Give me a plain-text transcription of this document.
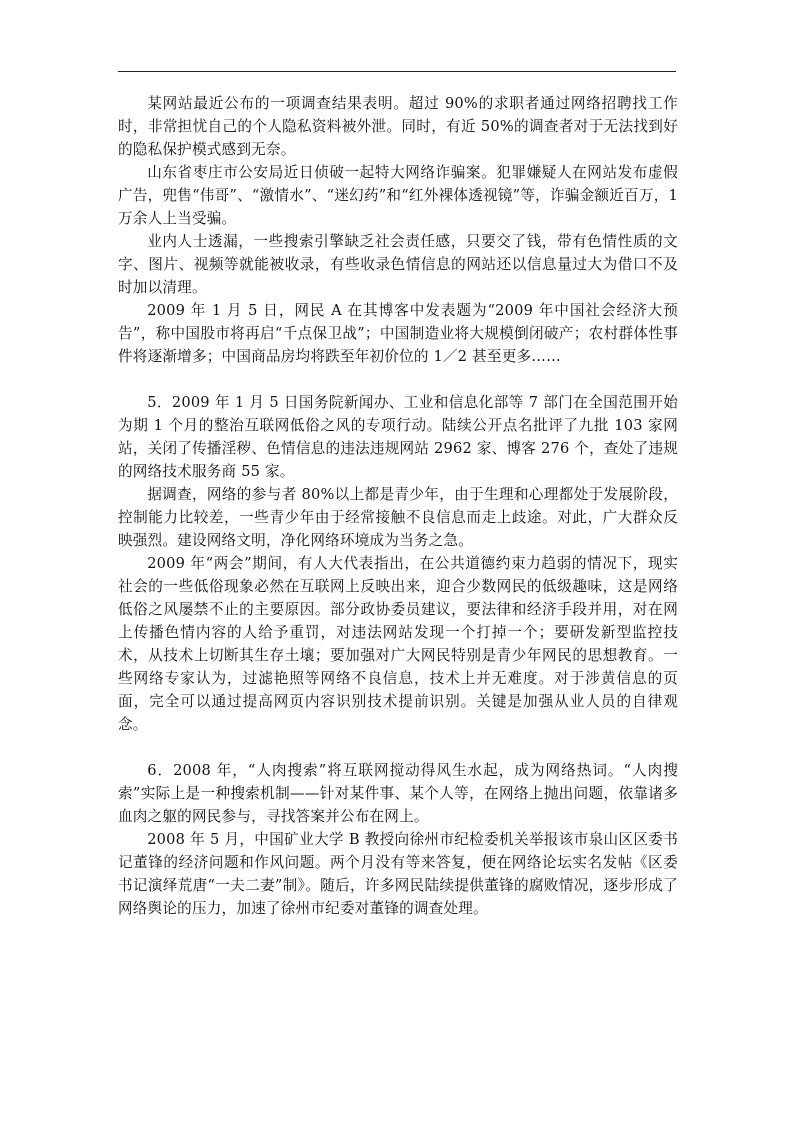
某网站最近公布的一项调查结果表明。超过 90%的求职者通过网络招聘找工作时，非常担忧自己的个人隐私资料被外泄。同时，有近 50%的调查者对于无法找到好的隐私保护模式感到无奈。

山东省枣庄市公安局近日侦破一起特大网络诈骗案。犯罪嫌疑人在网站发布虚假广告，兜售“伟哥”、“激情水”、“迷幻药”和“红外裸体透视镜”等，诈骗金额近百万，1 万余人上当受骗。

业内人士透漏，一些搜索引擎缺乏社会责任感，只要交了钱，带有色情性质的文字、图片、视频等就能被收录，有些收录色情信息的网站还以信息量过大为借口不及时加以清理。

2009 年 1 月 5 日，网民 A 在其博客中发表题为“2009 年中国社会经济大预告”，称中国股市将再启“千点保卫战”；中国制造业将大规模倒闭破产；农村群体性事件将逐渐增多；中国商品房均将跌至年初价位的 1／2 甚至更多……

5．2009 年 1 月 5 日国务院新闻办、工业和信息化部等 7 部门在全国范围开始为期 1 个月的整治互联网低俗之风的专项行动。陆续公开点名批评了九批 103 家网站，关闭了传播淫秽、色情信息的违法违规网站 2962 家、博客 276 个，查处了违规的网络技术服务商 55 家。

据调查，网络的参与者 80%以上都是青少年，由于生理和心理都处于发展阶段，控制能力比较差，一些青少年由于经常接触不良信息而走上歧途。对此，广大群众反映强烈。建设网络文明，净化网络环境成为当务之急。

2009 年“两会”期间，有人大代表指出，在公共道德约束力趋弱的情况下，现实社会的一些低俗现象必然在互联网上反映出来，迎合少数网民的低级趣味，这是网络低俗之风屡禁不止的主要原因。部分政协委员建议，要法律和经济手段并用，对在网上传播色情内容的人给予重罚，对违法网站发现一个打掉一个；要研发新型监控技术，从技术上切断其生存土壤；要加强对广大网民特别是青少年网民的思想教育。一些网络专家认为，过滤艳照等网络不良信息，技术上并无难度。对于涉黄信息的页面，完全可以通过提高网页内容识别技术提前识别。关键是加强从业人员的自律观念。

6．2008 年，“人肉搜索”将互联网搅动得风生水起，成为网络热词。“人肉搜索”实际上是一种搜索机制——针对某件事、某个人等，在网络上抛出问题，依靠诸多血肉之躯的网民参与，寻找答案并公布在网上。

2008 年 5 月，中国矿业大学 B 教授向徐州市纪检委机关举报该市泉山区区委书记董锋的经济问题和作风问题。两个月没有等来答复，便在网络论坛实名发帖《区委书记演绎荒唐“一夫二妻”制》。随后，许多网民陆续提供董锋的腐败情况，逐步形成了网络舆论的压力，加速了徐州市纪委对董锋的调查处理。
